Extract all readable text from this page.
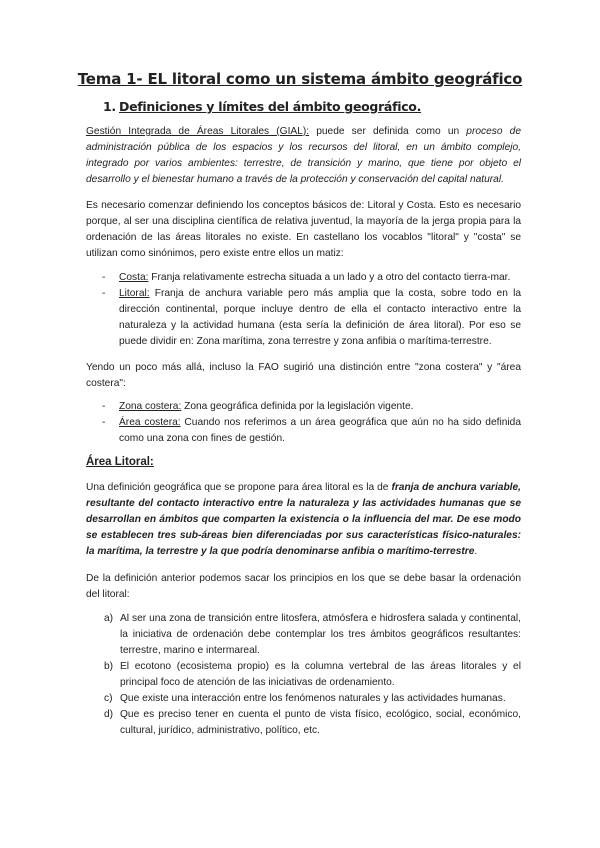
Tema 1- EL litoral como un sistema ámbito geográfico
1. Definiciones y límites del ámbito geográfico.

Gestión Integrada de Áreas Litorales (GIAL): puede ser definida como un proceso de administración pública de los espacios y los recursos del litoral, en un ámbito complejo, integrado por varios ambientes: terrestre, de transición y marino, que tiene por objeto el desarrollo y el bienestar humano a través de la protección y conservación del capital natural.

Es necesario comenzar definiendo los conceptos básicos de: Litoral y Costa. Esto es necesario porque, al ser una disciplina científica de relativa juventud, la mayoría de la jerga propia para la ordenación de las áreas litorales no existe. En castellano los vocablos "litoral" y "costa" se utilizan como sinónimos, pero existe entre ellos un matiz:

- Costa: Franja relativamente estrecha situada a un lado y a otro del contacto tierra-mar.
- Litoral: Franja de anchura variable pero más amplia que la costa, sobre todo en la dirección continental, porque incluye dentro de ella el contacto interactivo entre la naturaleza y la actividad humana (esta sería la definición de área litoral). Por eso se puede dividir en: Zona marítima, zona terrestre y zona anfibia o marítima-terrestre.

Yendo un poco más allá, incluso la FAO sugirió una distinción entre "zona costera" y "área costera":

- Zona costera: Zona geográfica definida por la legislación vigente.
- Área costera: Cuando nos referimos a un área geográfica que aún no ha sido definida como una zona con fines de gestión.
Área Litoral:

Una definición geográfica que se propone para área litoral es la de franja de anchura variable, resultante del contacto interactivo entre la naturaleza y las actividades humanas que se desarrollan en ámbitos que comparten la existencia o la influencia del mar. De ese modo se establecen tres sub-áreas bien diferenciadas por sus características físico-naturales: la marítima, la terrestre y la que podría denominarse anfibia o marítimo-terrestre.

De la definición anterior podemos sacar los principios en los que se debe basar la ordenación del litoral:

a) Al ser una zona de transición entre litosfera, atmósfera e hidrosfera salada y continental, la iniciativa de ordenación debe contemplar los tres ámbitos geográficos resultantes: terrestre, marino e intermareal.
b) El ecotono (ecosistema propio) es la columna vertebral de las áreas litorales y el principal foco de atención de las iniciativas de ordenamiento.
c) Que existe una interacción entre los fenómenos naturales y las actividades humanas.
d) Que es preciso tener en cuenta el punto de vista físico, ecológico, social, económico, cultural, jurídico, administrativo, político, etc.
